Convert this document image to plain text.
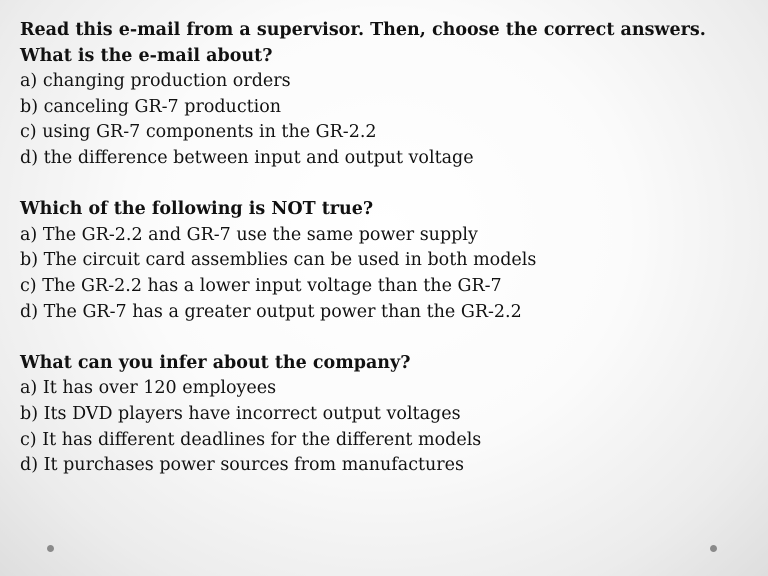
Read this e-mail from a supervisor. Then, choose the correct answers.
What is the e-mail about?
a) changing production orders
b) canceling GR-7 production
c) using GR-7 components in the GR-2.2
d) the difference between input and output voltage
Which of the following is NOT true?
a) The GR-2.2 and GR-7 use the same power supply
b) The circuit card assemblies can be used in both models
c) The GR-2.2 has a lower input voltage than the GR-7
d) The GR-7 has a greater output power than the GR-2.2
What can you infer about the company?
a) It has over 120 employees
b) Its DVD players have incorrect output voltages
c) It has different deadlines for the different models
d) It purchases power sources from manufactures
